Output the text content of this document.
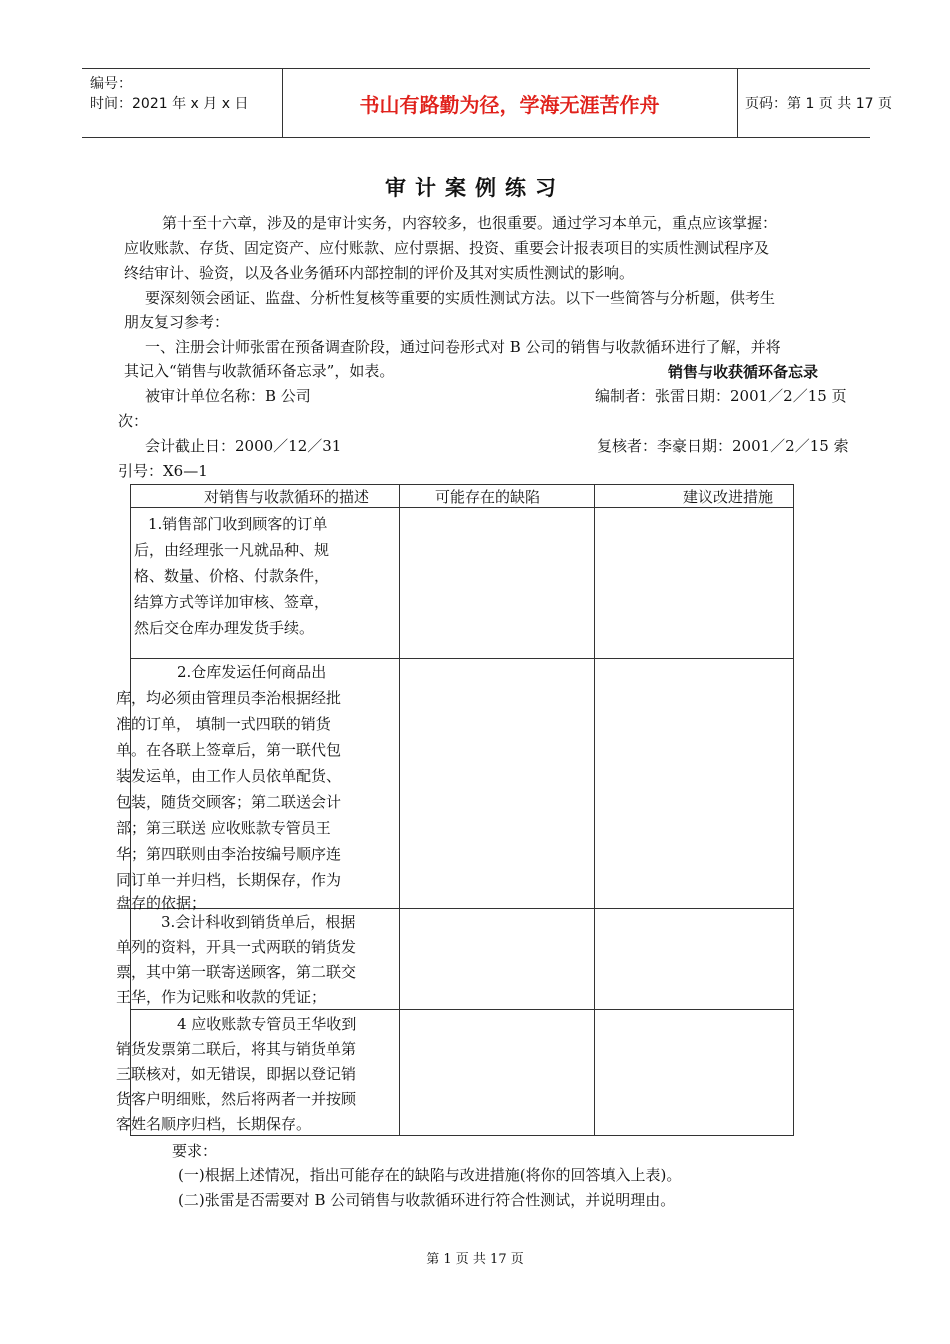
编号：
时间：2021 年 x 月 x 日	书山有路勤为径，学海无涯苦作舟	页码：第 1 页 共 17 页
审计案例练习
第十至十六章，涉及的是审计实务，内容较多，也很重要。通过学习本单元，重点应该掌握：
应收账款、存货、固定资产、应付账款、应付票据、投资、重要会计报表项目的实质性测试程序及
终结审计、验资，以及各业务循环内部控制的评价及其对实质性测试的影响。
要深刻领会函证、监盘、分析性复核等重要的实质性测试方法。以下一些简答与分析题，供考生
朋友复习参考：
一、注册会计师张雷在预备调查阶段，通过问卷形式对 B 公司的销售与收款循环进行了解，并将
其记入“销售与收款循环备忘录”，如表。	销售与收获循环备忘录
被审计单位名称：B 公司	编制者：张雷日期：2001／2／15 页
次：
会计截止日：2000／12／31	复核者：李豪日期：2001／2／15 索
引号：X6—1
对销售与收款循环的描述	可能存在的缺陷	建议改进措施
1.销售部门收到顾客的订单
后，由经理张一凡就品种、规
格、数量、价格、付款条件，
结算方式等详加审核、签章，
然后交仓库办理发货手续。
2.仓库发运任何商品出
库，均必须由管理员李治根据经批
准的订单， 填制一式四联的销货
单。在各联上签章后，第一联代包
装发运单，由工作人员依单配货、
包装，随货交顾客；第二联送会计
部；第三联送 应收账款专管员王
华；第四联则由李治按编号顺序连
同订单一并归档，长期保存，作为
盘存的依据；
3.会计科收到销货单后，根据
单列的资料，开具一式两联的销货发
票，其中第一联寄送顾客，第二联交
王华，作为记账和收款的凭证；
4 应收账款专管员王华收到
销货发票第二联后，将其与销货单第
三联核对，如无错误，即据以登记销
货客户明细账，然后将两者一并按顾
客姓名顺序归档，长期保存。
要求：
(一)根据上述情况，指出可能存在的缺陷与改进措施(将你的回答填入上表)。
(二)张雷是否需要对 B 公司销售与收款循环进行符合性测试，并说明理由。
第 1 页 共 17 页
